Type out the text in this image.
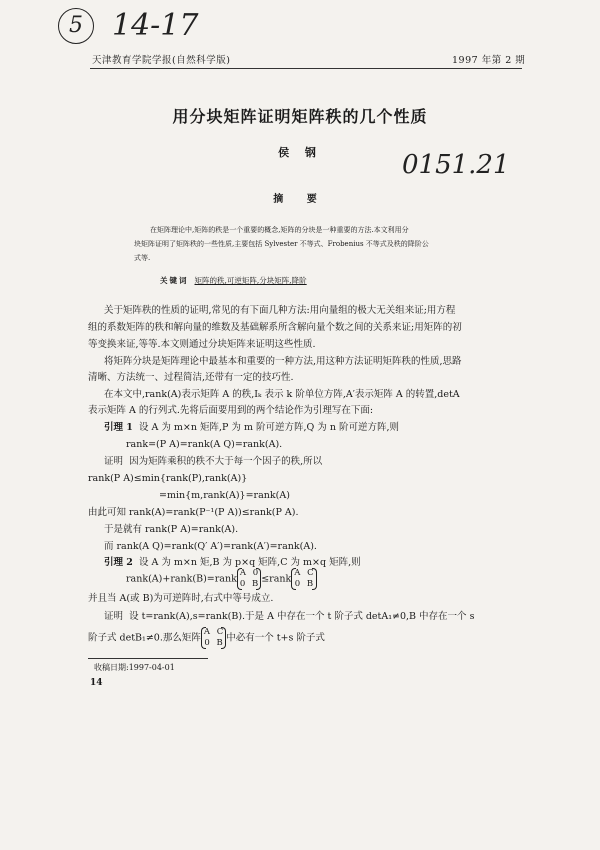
5 14-17
0151.21
天津教育学院学报(自然科学版)	1997 年第 2 期
用分块矩阵证明矩阵秩的几个性质
侯 钢
摘 要
在矩阵理论中,矩阵的秩是一个重要的概念,矩阵的分块是一种重要的方法.本文利用分
块矩阵证明了矩阵秩的一些性质,主要包括 Sylvester 不等式、Frobenius 不等式及秩的降阶公
式等.
关键词 矩阵的秩,可逆矩阵,分块矩阵,降阶
关于矩阵秩的性质的证明,常见的有下面几种方法:用向量组的极大无关组来证;用方程
组的系数矩阵的秩和解向量的维数及基础解系所含解向量个数之间的关系来证;用矩阵的初
等变换来证,等等.本文则通过分块矩阵来证明这些性质.
将矩阵分块是矩阵理论中最基本和重要的一种方法,用这种方法证明矩阵秩的性质,思路
清晰、方法统一、过程简洁,还带有一定的技巧性.
在本文中,rank(A)表示矩阵 A 的秩,Iₖ 表示 k 阶单位方阵,A′表示矩阵 A 的转置,detA
表示矩阵 A 的行列式.先将后面要用到的两个结论作为引理写在下面:
引理 1 设 A 为 m×n 矩阵,P 为 m 阶可逆方阵,Q 为 n 阶可逆方阵,则
rank=(P A)=rank(A Q)=rank(A).
证明 因为矩阵乘积的秩不大于每一个因子的秩,所以
rank(P A)≤min{rank(P),rank(A)}
=min{m,rank(A)}=rank(A)
由此可知 rank(A)=rank(P⁻¹(P A))≤rank(P A).
于是就有 rank(P A)=rank(A).
而 rank(A Q)=rank(Q′ A′)=rank(A′)=rank(A).
引理 2 设 A 为 m×n 矩,B 为 p×q 矩阵,C 为 m×q 矩阵,则
rank(A)+rank(B)=rank
A 0
0 B ≤rank
A C
0 B
并且当 A(或 B)为可逆阵时,右式中等号成立.
证明 设 t=rank(A),s=rank(B).于是 A 中存在一个 t 阶子式 detA₁≠0,B 中存在一个 s
阶子式 detB₁≠0.那么矩阵
A C
0 B 中必有一个 t+s 阶子式
收稿日期:1997-04-01
14
